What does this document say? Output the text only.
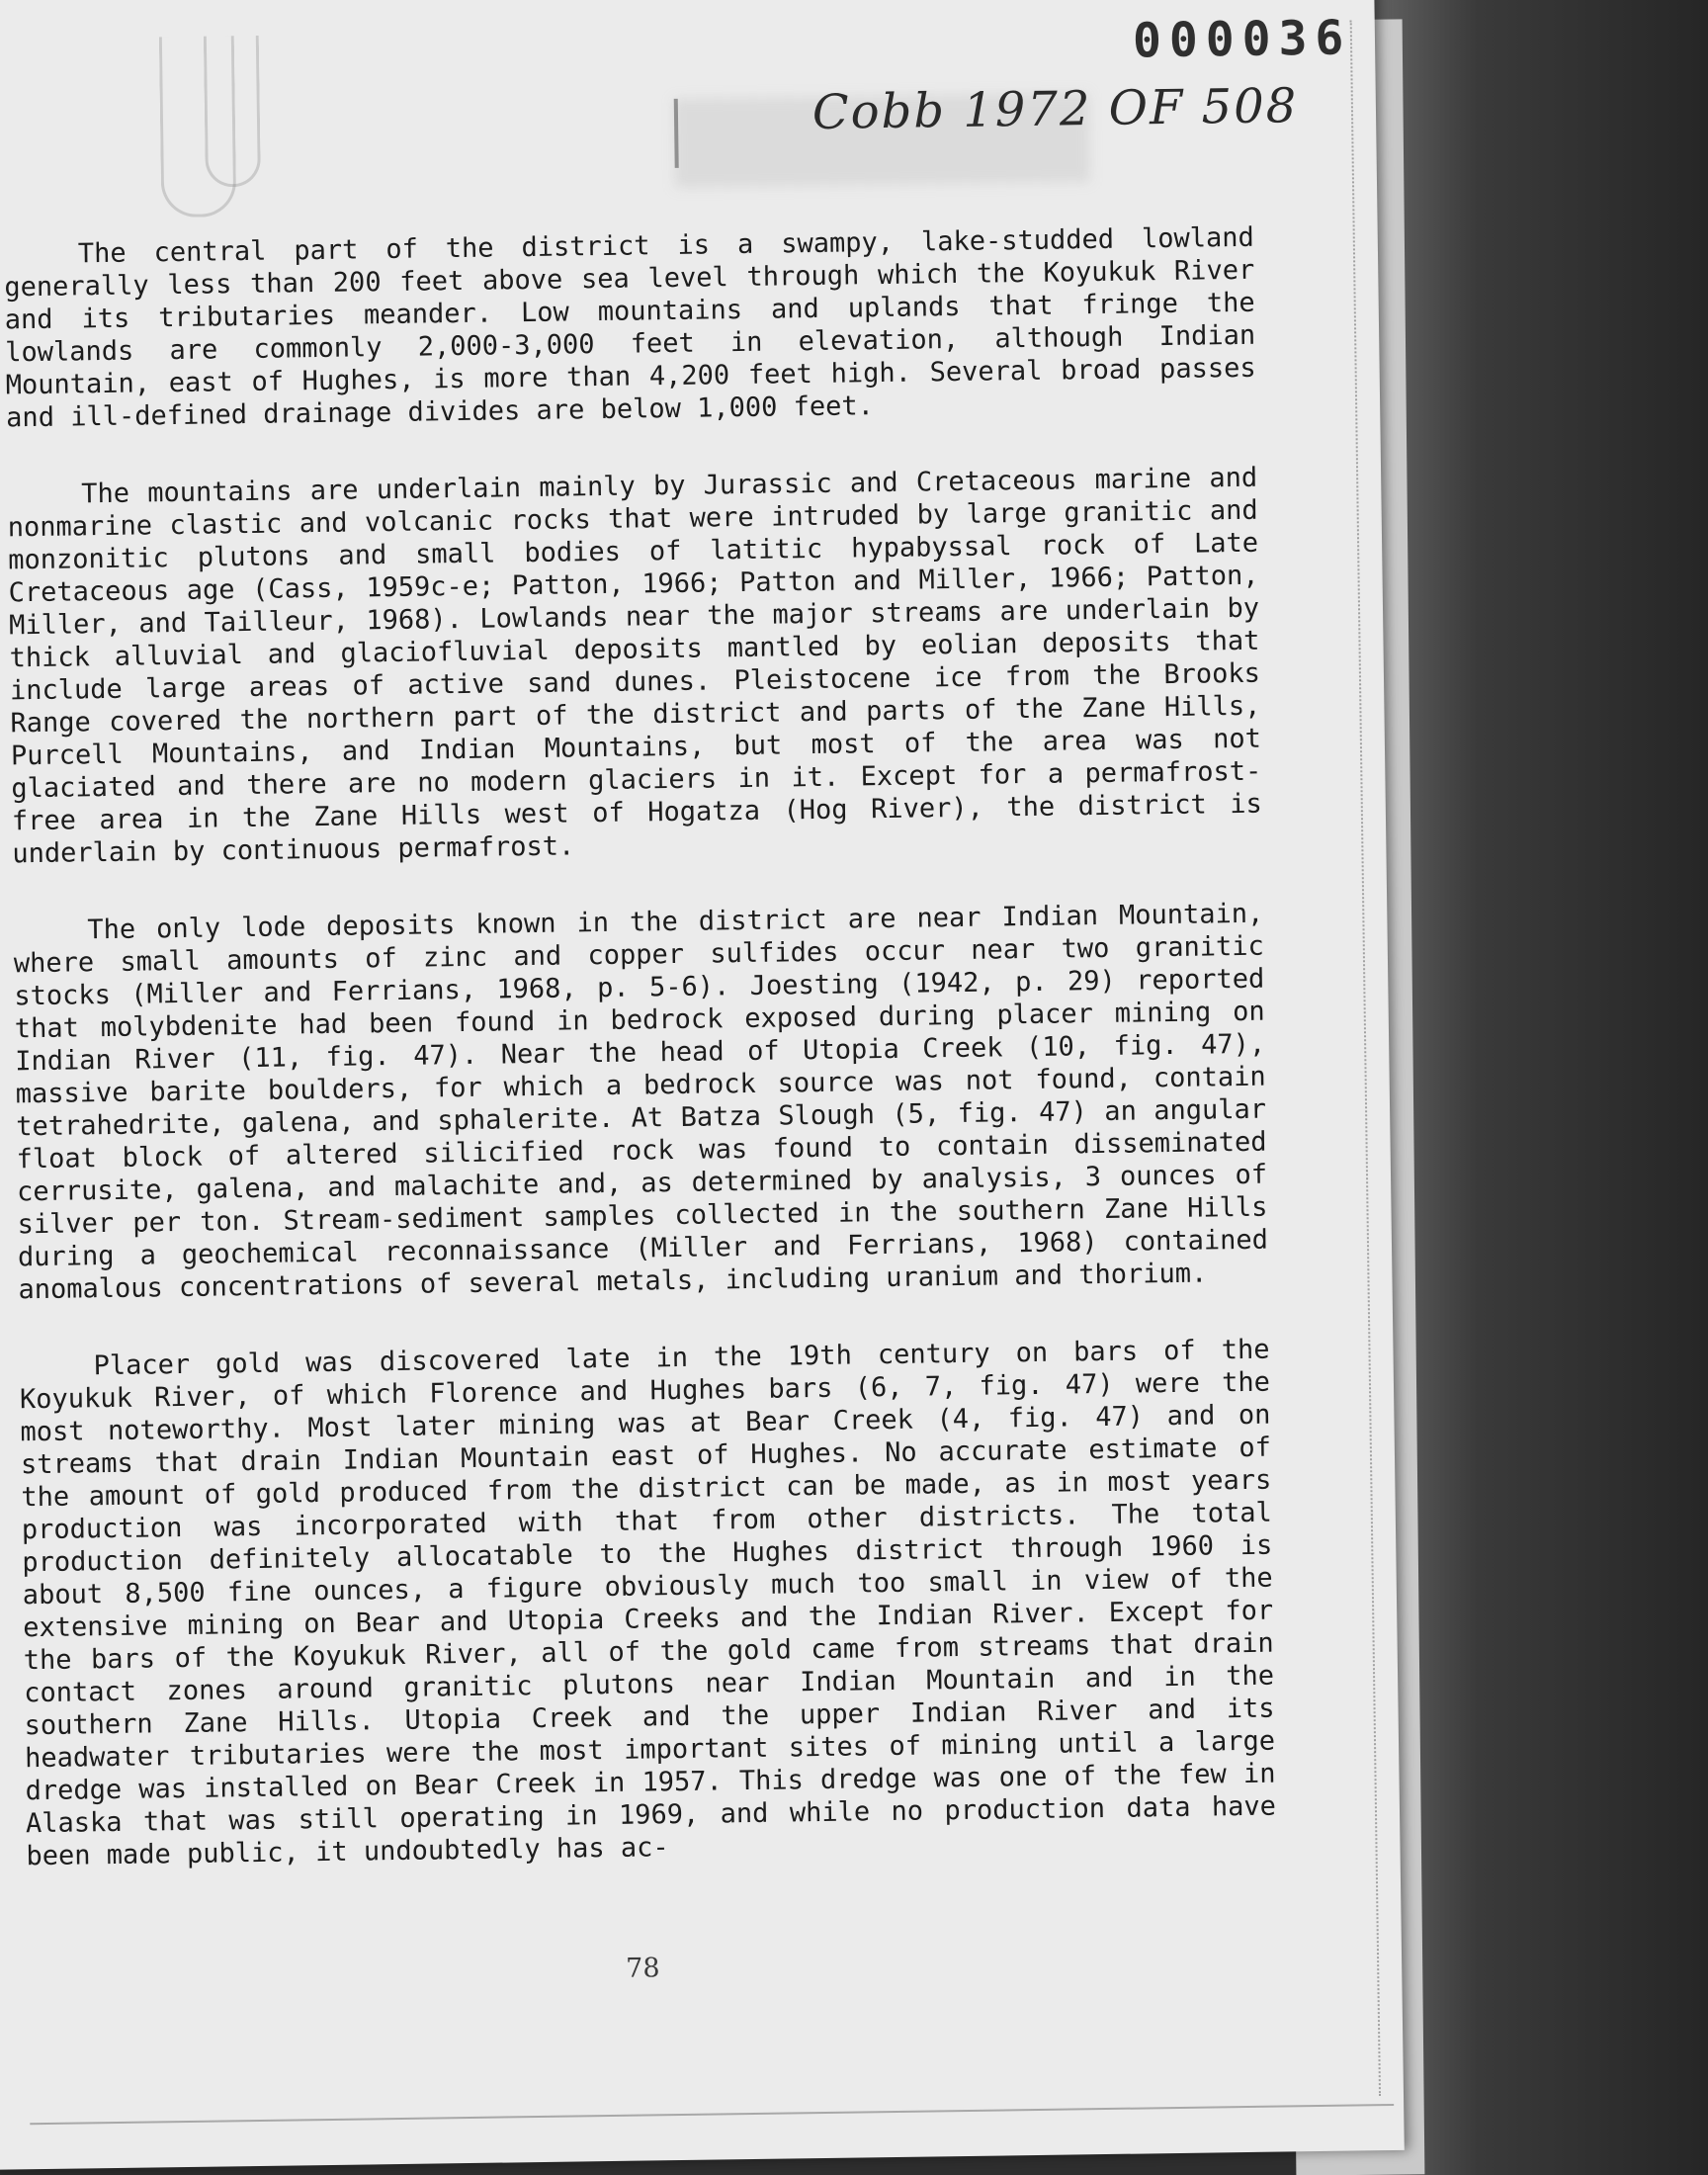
000036
Cobb 1972 OF 508

The central part of the district is a swampy, lake-studded lowland generally less than 200 feet above sea level through which the Koyukuk River and its tributaries meander. Low mountains and uplands that fringe the lowlands are commonly 2,000-3,000 feet in elevation, although Indian Mountain, east of Hughes, is more than 4,200 feet high. Several broad passes and ill-defined drainage divides are below 1,000 feet.

The mountains are underlain mainly by Jurassic and Cretaceous marine and nonmarine clastic and volcanic rocks that were intruded by large granitic and monzonitic plutons and small bodies of latitic hypabyssal rock of Late Cretaceous age (Cass, 1959c-e; Patton, 1966; Patton and Miller, 1966; Patton, Miller, and Tailleur, 1968). Lowlands near the major streams are underlain by thick alluvial and glaciofluvial deposits mantled by eolian deposits that include large areas of active sand dunes. Pleistocene ice from the Brooks Range covered the northern part of the district and parts of the Zane Hills, Purcell Mountains, and Indian Mountains, but most of the area was not glaciated and there are no modern glaciers in it. Except for a permafrost-free area in the Zane Hills west of Hogatza (Hog River), the district is underlain by continuous permafrost.

The only lode deposits known in the district are near Indian Mountain, where small amounts of zinc and copper sulfides occur near two granitic stocks (Miller and Ferrians, 1968, p. 5-6). Joesting (1942, p. 29) reported that molybdenite had been found in bedrock exposed during placer mining on Indian River (11, fig. 47). Near the head of Utopia Creek (10, fig. 47), massive barite boulders, for which a bedrock source was not found, contain tetrahedrite, galena, and sphalerite. At Batza Slough (5, fig. 47) an angular float block of altered silicified rock was found to contain disseminated cerrusite, galena, and malachite and, as determined by analysis, 3 ounces of silver per ton. Stream-sediment samples collected in the southern Zane Hills during a geochemical reconnaissance (Miller and Ferrians, 1968) contained anomalous concentrations of several metals, including uranium and thorium.

Placer gold was discovered late in the 19th century on bars of the Koyukuk River, of which Florence and Hughes bars (6, 7, fig. 47) were the most noteworthy. Most later mining was at Bear Creek (4, fig. 47) and on streams that drain Indian Mountain east of Hughes. No accurate estimate of the amount of gold produced from the district can be made, as in most years production was incorporated with that from other districts. The total production definitely allocatable to the Hughes district through 1960 is about 8,500 fine ounces, a figure obviously much too small in view of the extensive mining on Bear and Utopia Creeks and the Indian River. Except for the bars of the Koyukuk River, all of the gold came from streams that drain contact zones around granitic plutons near Indian Mountain and in the southern Zane Hills. Utopia Creek and the upper Indian River and its headwater tributaries were the most important sites of mining until a large dredge was installed on Bear Creek in 1957. This dredge was one of the few in Alaska that was still operating in 1969, and while no production data have been made public, it undoubtedly has ac-

78
